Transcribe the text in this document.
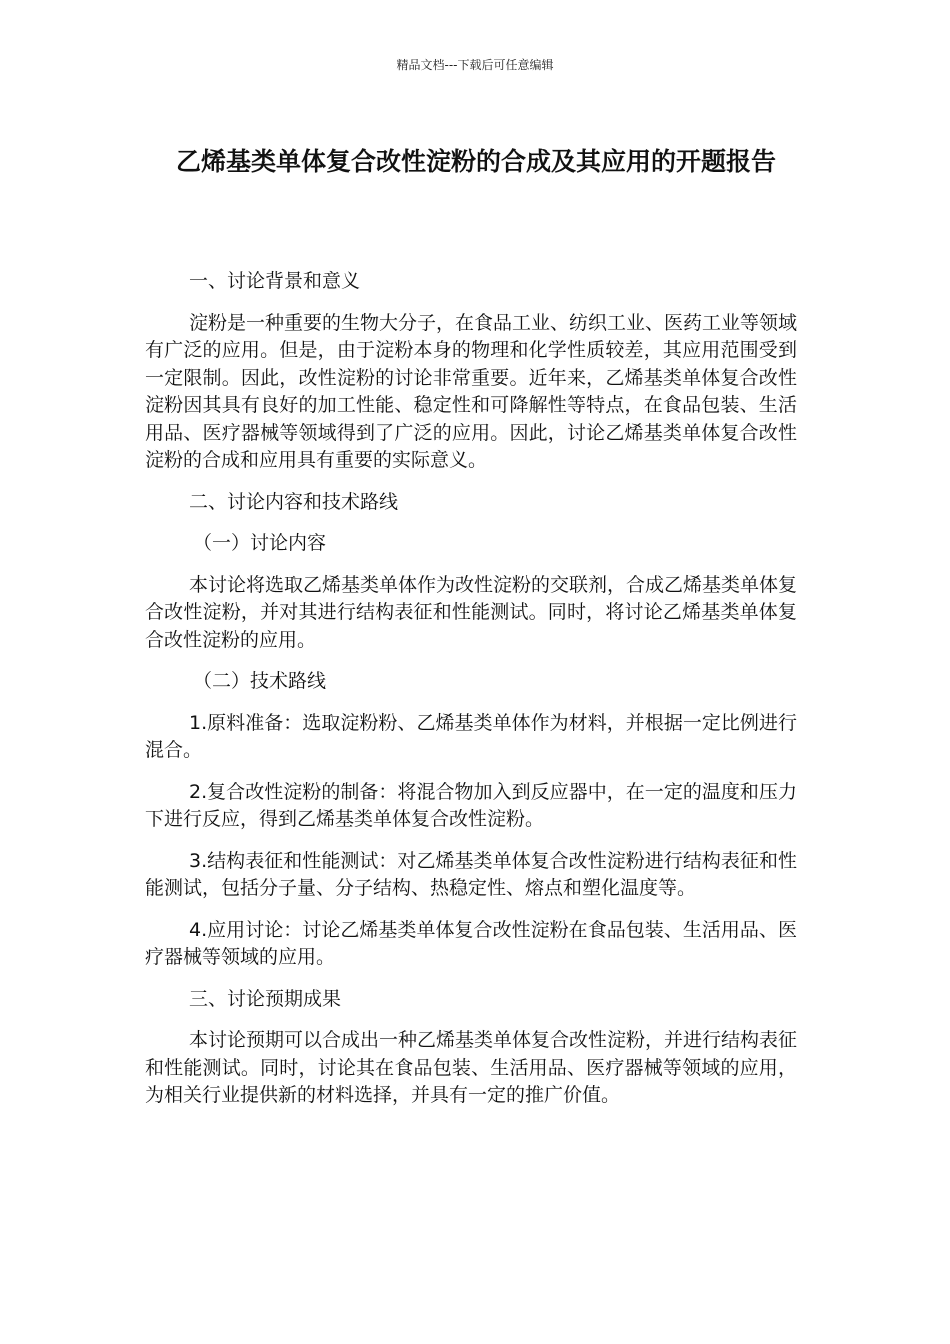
精品文档---下载后可任意编辑
乙烯基类单体复合改性淀粉的合成及其应用的开题报告

一、讨论背景和意义

淀粉是一种重要的生物大分子，在食品工业、纺织工业、医药工业等领域有广泛的应用。但是，由于淀粉本身的物理和化学性质较差，其应用范围受到一定限制。因此，改性淀粉的讨论非常重要。近年来，乙烯基类单体复合改性淀粉因其具有良好的加工性能、稳定性和可降解性等特点，在食品包装、生活用品、医疗器械等领域得到了广泛的应用。因此，讨论乙烯基类单体复合改性淀粉的合成和应用具有重要的实际意义。

二、讨论内容和技术路线

（一）讨论内容

本讨论将选取乙烯基类单体作为改性淀粉的交联剂，合成乙烯基类单体复合改性淀粉，并对其进行结构表征和性能测试。同时，将讨论乙烯基类单体复合改性淀粉的应用。

（二）技术路线

1.原料准备：选取淀粉粉、乙烯基类单体作为材料，并根据一定比例进行混合。

2.复合改性淀粉的制备：将混合物加入到反应器中，在一定的温度和压力下进行反应，得到乙烯基类单体复合改性淀粉。

3.结构表征和性能测试：对乙烯基类单体复合改性淀粉进行结构表征和性能测试，包括分子量、分子结构、热稳定性、熔点和塑化温度等。

4.应用讨论：讨论乙烯基类单体复合改性淀粉在食品包装、生活用品、医疗器械等领域的应用。

三、讨论预期成果

本讨论预期可以合成出一种乙烯基类单体复合改性淀粉，并进行结构表征和性能测试。同时，讨论其在食品包装、生活用品、医疗器械等领域的应用，为相关行业提供新的材料选择，并具有一定的推广价值。
